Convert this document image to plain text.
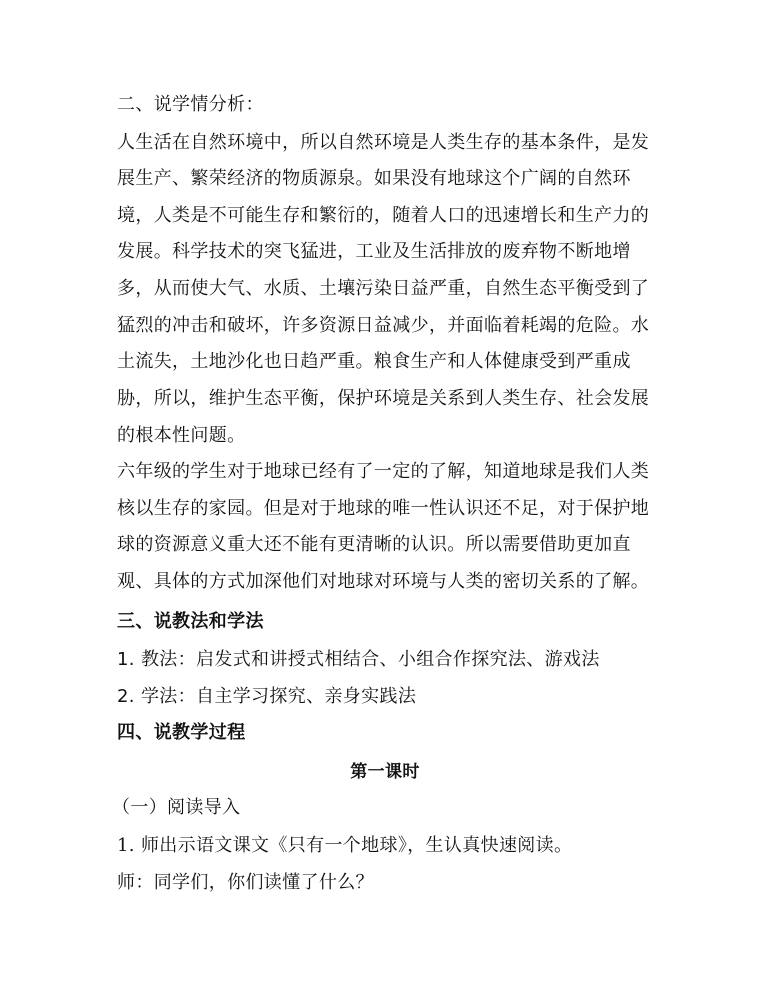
二、说学情分析：
人生活在自然环境中，所以自然环境是人类生存的基本条件，是发
展生产、繁荣经济的物质源泉。如果没有地球这个广阔的自然环
境，人类是不可能生存和繁衍的，随着人口的迅速增长和生产力的
发展。科学技术的突飞猛进，工业及生活排放的废弃物不断地增
多，从而使大气、水质、土壤污染日益严重，自然生态平衡受到了
猛烈的冲击和破坏，许多资源日益减少，并面临着耗竭的危险。水
土流失，土地沙化也日趋严重。粮食生产和人体健康受到严重成
胁，所以，维护生态平衡，保护环境是关系到人类生存、社会发展
的根本性问题。
六年级的学生对于地球已经有了一定的了解，知道地球是我们人类
核以生存的家园。但是对于地球的唯一性认识还不足，对于保护地
球的资源意义重大还不能有更清晰的认识。所以需要借助更加直
观、具体的方式加深他们对地球对环境与人类的密切关系的了解。
三、说教法和学法
1. 教法：启发式和讲授式相结合、小组合作探究法、游戏法
2. 学法：自主学习探究、亲身实践法
四、说教学过程
第一课时
（一）阅读导入
1. 师出示语文课文《只有一个地球》，生认真快速阅读。
师：同学们，你们读懂了什么？
